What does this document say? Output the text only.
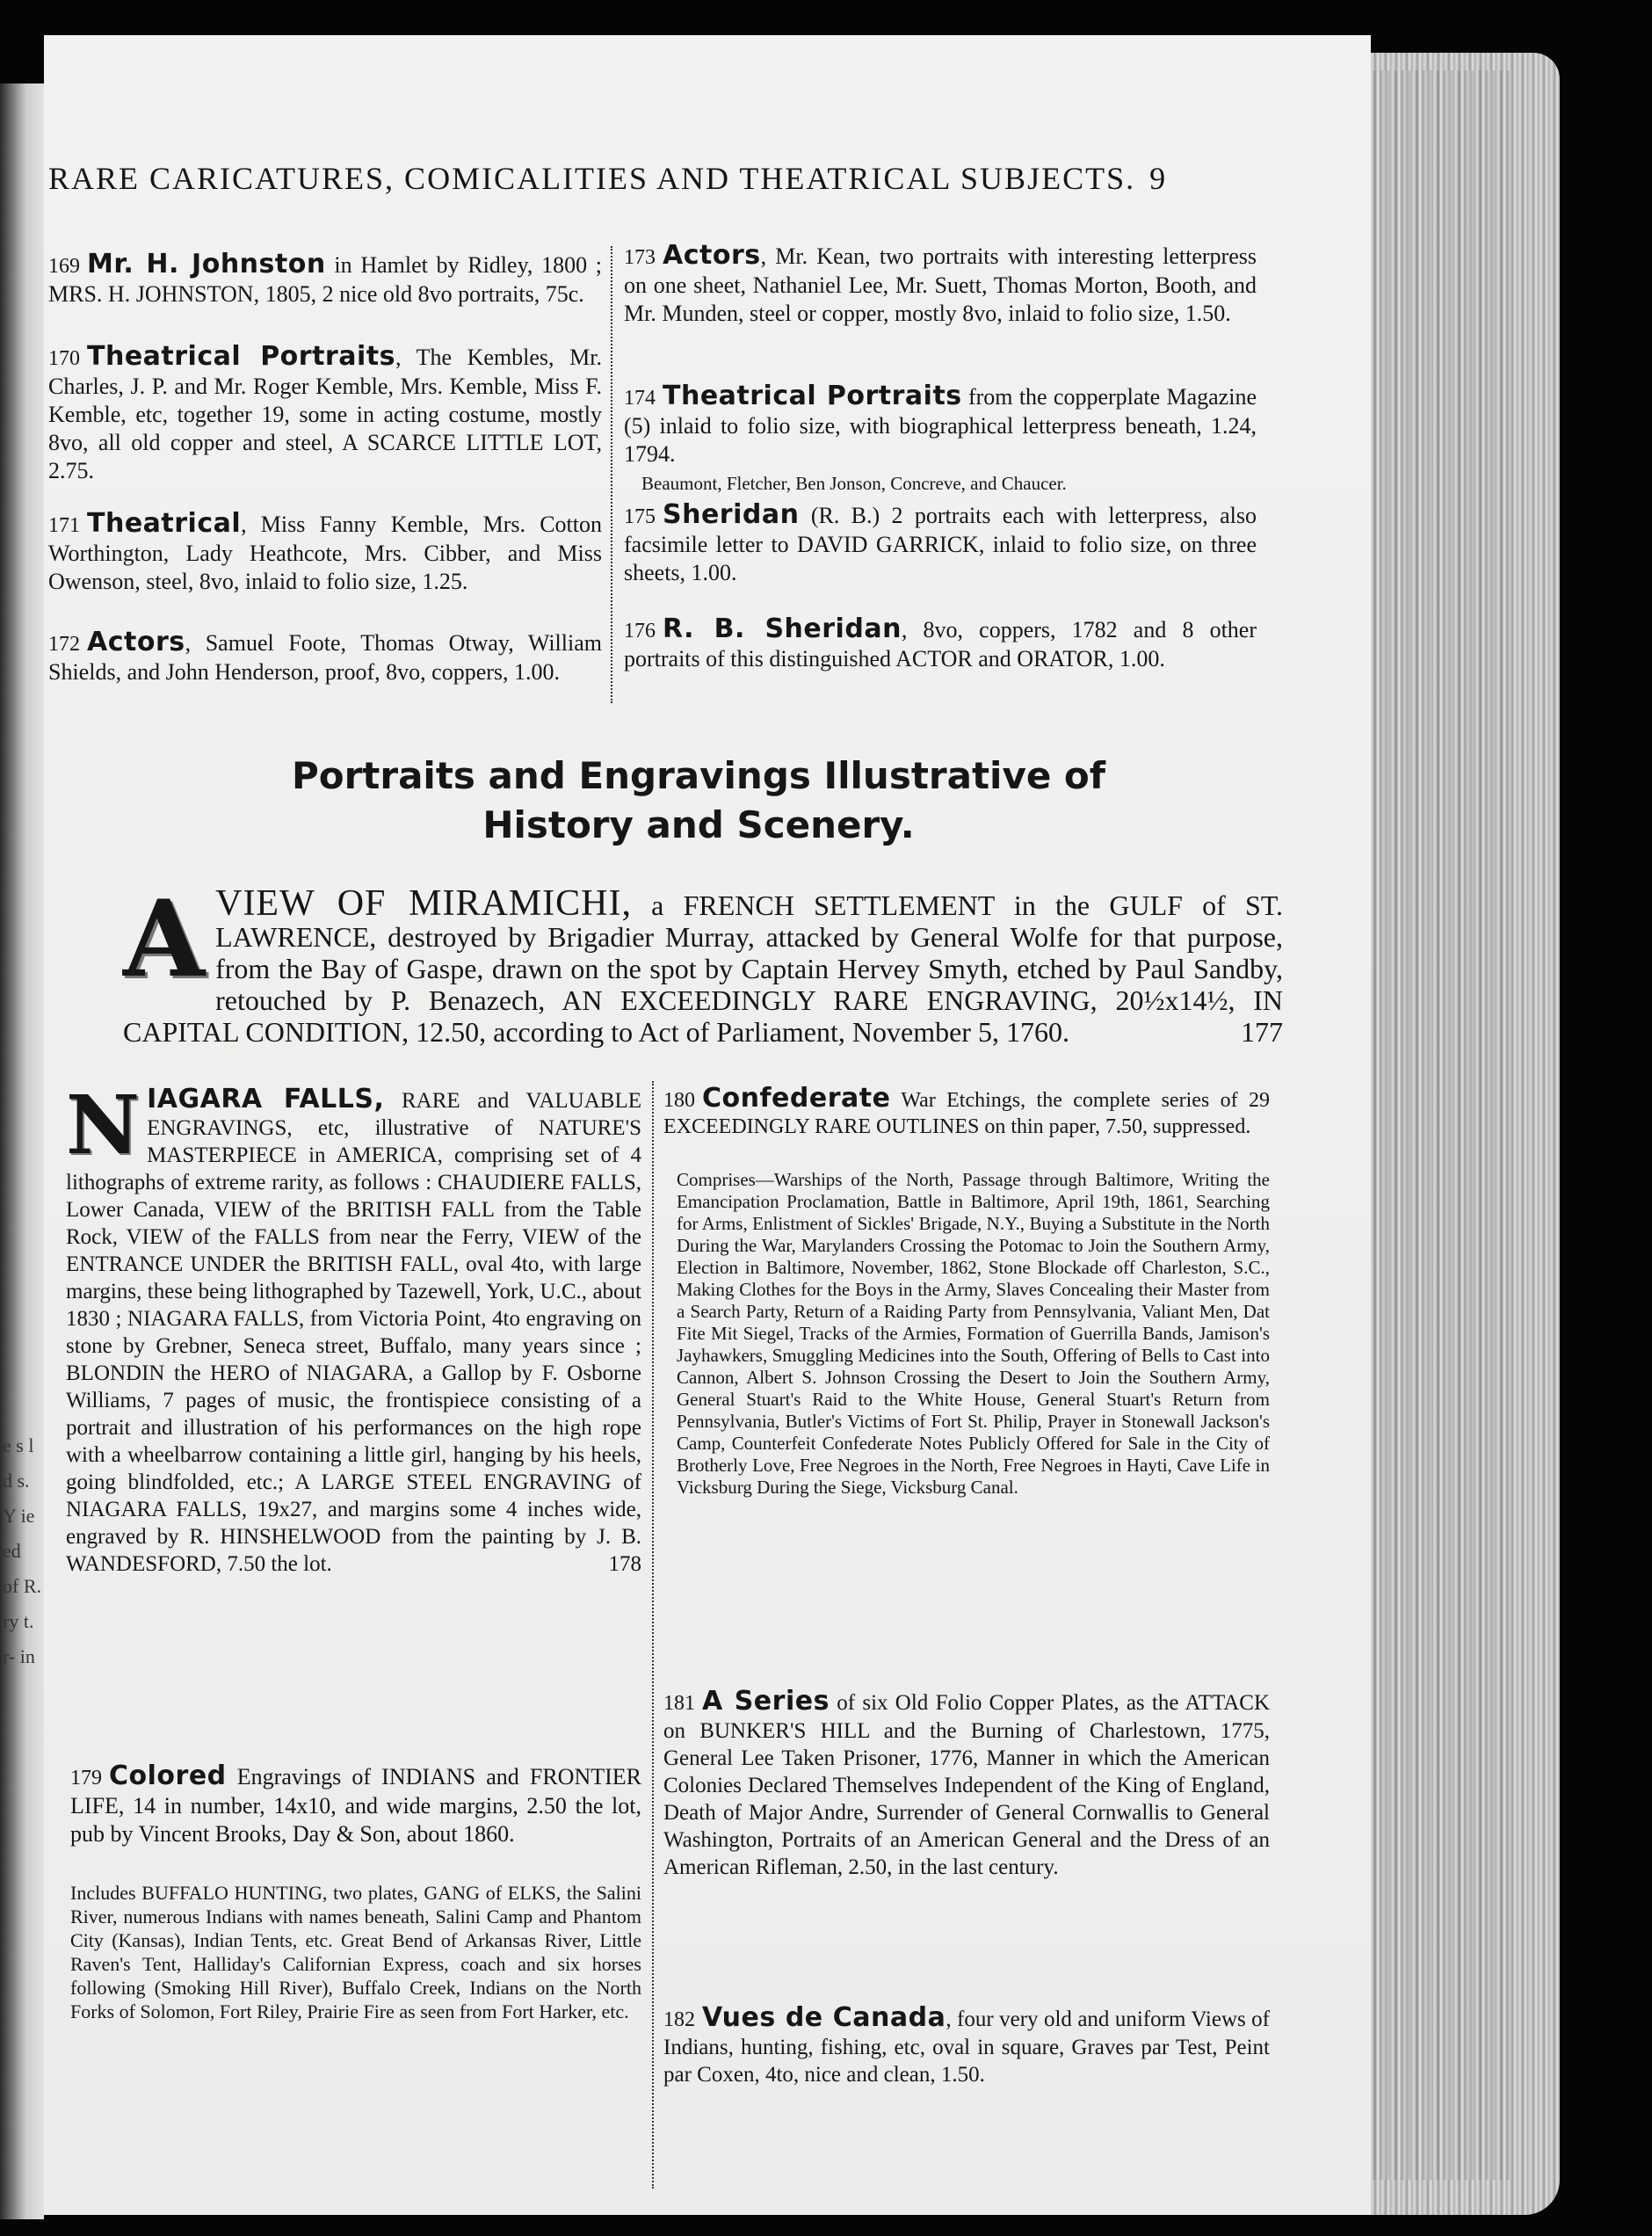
e s l d s. Y ie ed of R. ry t. r- in
RARE CARICATURES, COMICALITIES AND THEATRICAL SUBJECTS. 9
169 Mr. H. Johnston in Hamlet by Ridley, 1800 ; MRS. H. JOHNSTON, 1805, 2 nice old 8vo portraits, 75c.
170 Theatrical Portraits, The Kembles, Mr. Charles, J. P. and Mr. Roger Kemble, Mrs. Kemble, Miss F. Kemble, etc, together 19, some in acting costume, mostly 8vo, all old copper and steel, A SCARCE LITTLE LOT, 2.75.
171 Theatrical, Miss Fanny Kemble, Mrs. Cotton Worthington, Lady Heathcote, Mrs. Cibber, and Miss Owenson, steel, 8vo, inlaid to folio size, 1.25.
172 Actors, Samuel Foote, Thomas Otway, William Shields, and John Henderson, proof, 8vo, coppers, 1.00.
173 Actors, Mr. Kean, two portraits with interesting letterpress on one sheet, Nathaniel Lee, Mr. Suett, Thomas Morton, Booth, and Mr. Munden, steel or copper, mostly 8vo, inlaid to folio size, 1.50.
174 Theatrical Portraits from the copperplate Magazine (5) inlaid to folio size, with biographical letterpress beneath, 1.24, 1794.
Beaumont, Fletcher, Ben Jonson, Concreve, and Chaucer.
175 Sheridan (R. B.) 2 portraits each with letterpress, also facsimile letter to DAVID GARRICK, inlaid to folio size, on three sheets, 1.00.
176 R. B. Sheridan, 8vo, coppers, 1782 and 8 other portraits of this distinguished ACTOR and ORATOR, 1.00.
Portraits and Engravings Illustrative of
History and Scenery.
AVIEW OF MIRAMICHI, a FRENCH SETTLEMENT in the GULF of ST. LAWRENCE, destroyed by Brigadier Murray, attacked by General Wolfe for that purpose, from the Bay of Gaspe, drawn on the spot by Captain Hervey Smyth, etched by Paul Sandby, retouched by P. Benazech, AN EXCEEDINGLY RARE ENGRAVING, 20½x14½, IN CAPITAL CONDITION, 12.50, according to Act of Parliament, November 5, 1760.	177
NIAGARA FALLS, RARE and VALUABLE ENGRAVINGS, etc, illustrative of NATURE'S MASTERPIECE in AMERICA, comprising set of 4 lithographs of extreme rarity, as follows : CHAUDIERE FALLS, Lower Canada, VIEW of the BRITISH FALL from the Table Rock, VIEW of the FALLS from near the Ferry, VIEW of the ENTRANCE UNDER the BRITISH FALL, oval 4to, with large margins, these being lithographed by Tazewell, York, U.C., about 1830 ; NIAGARA FALLS, from Victoria Point, 4to engraving on stone by Grebner, Seneca street, Buffalo, many years since ; BLONDIN the HERO of NIAGARA, a Gallop by F. Osborne Williams, 7 pages of music, the frontispiece consisting of a portrait and illustration of his performances on the high rope with a wheelbarrow containing a little girl, hanging by his heels, going blindfolded, etc.; A LARGE STEEL ENGRAVING of NIAGARA FALLS, 19x27, and margins some 4 inches wide, engraved by R. HINSHELWOOD from the painting by J. B. WANDESFORD, 7.50 the lot.	178
179 Colored Engravings of INDIANS and FRONTIER LIFE, 14 in number, 14x10, and wide margins, 2.50 the lot, pub by Vincent Brooks, Day & Son, about 1860.
Includes BUFFALO HUNTING, two plates, GANG of ELKS, the Salini River, numerous Indians with names beneath, Salini Camp and Phantom City (Kansas), Indian Tents, etc. Great Bend of Arkansas River, Little Raven's Tent, Halliday's Californian Express, coach and six horses following (Smoking Hill River), Buffalo Creek, Indians on the North Forks of Solomon, Fort Riley, Prairie Fire as seen from Fort Harker, etc.
180 Confederate War Etchings, the complete series of 29 EXCEEDINGLY RARE OUTLINES on thin paper, 7.50, suppressed.
Comprises—Warships of the North, Passage through Baltimore, Writing the Emancipation Proclamation, Battle in Baltimore, April 19th, 1861, Searching for Arms, Enlistment of Sickles' Brigade, N.Y., Buying a Substitute in the North During the War, Marylanders Crossing the Potomac to Join the Southern Army, Election in Baltimore, November, 1862, Stone Blockade off Charleston, S.C., Making Clothes for the Boys in the Army, Slaves Concealing their Master from a Search Party, Return of a Raiding Party from Pennsylvania, Valiant Men, Dat Fite Mit Siegel, Tracks of the Armies, Formation of Guerrilla Bands, Jamison's Jayhawkers, Smuggling Medicines into the South, Offering of Bells to Cast into Cannon, Albert S. Johnson Crossing the Desert to Join the Southern Army, General Stuart's Raid to the White House, General Stuart's Return from Pennsylvania, Butler's Victims of Fort St. Philip, Prayer in Stonewall Jackson's Camp, Counterfeit Confederate Notes Publicly Offered for Sale in the City of Brotherly Love, Free Negroes in the North, Free Negroes in Hayti, Cave Life in Vicksburg During the Siege, Vicksburg Canal.
181 A Series of six Old Folio Copper Plates, as the ATTACK on BUNKER'S HILL and the Burning of Charlestown, 1775, General Lee Taken Prisoner, 1776, Manner in which the American Colonies Declared Themselves Independent of the King of England, Death of Major Andre, Surrender of General Cornwallis to General Washington, Portraits of an American General and the Dress of an American Rifleman, 2.50, in the last century.
182 Vues de Canada, four very old and uniform Views of Indians, hunting, fishing, etc, oval in square, Graves par Test, Peint par Coxen, 4to, nice and clean, 1.50.
